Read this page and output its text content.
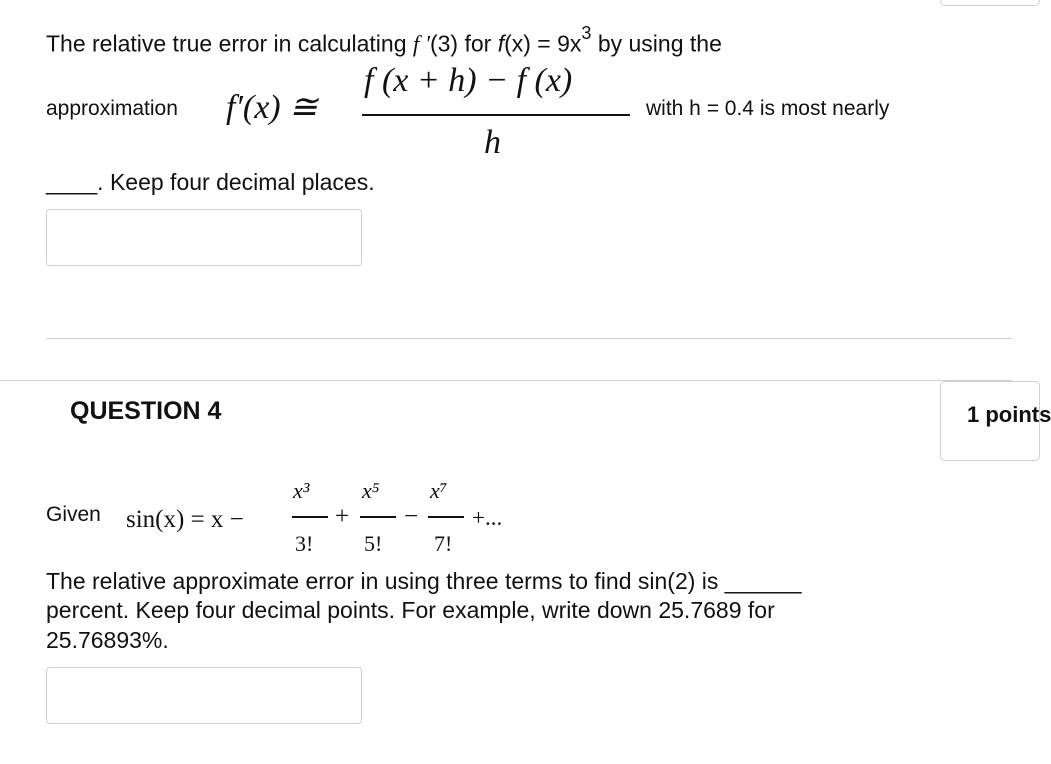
The relative true error in calculating f '(3) for $f(x) = 9x^3$ by using the
approximation f′(x) ≅
f (x + h) − f (x)
h
with h = 0.4 is most nearly
____. Keep four decimal places.
QUESTION 4	1 points
Given sin(x) = x −
x³
3!
+
x⁵
5!
−
x⁷
7!
+...
The relative approximate error in using three terms to find sin(2) is ______
percent. Keep four decimal points. For example, write down 25.7689 for
25.76893%.
